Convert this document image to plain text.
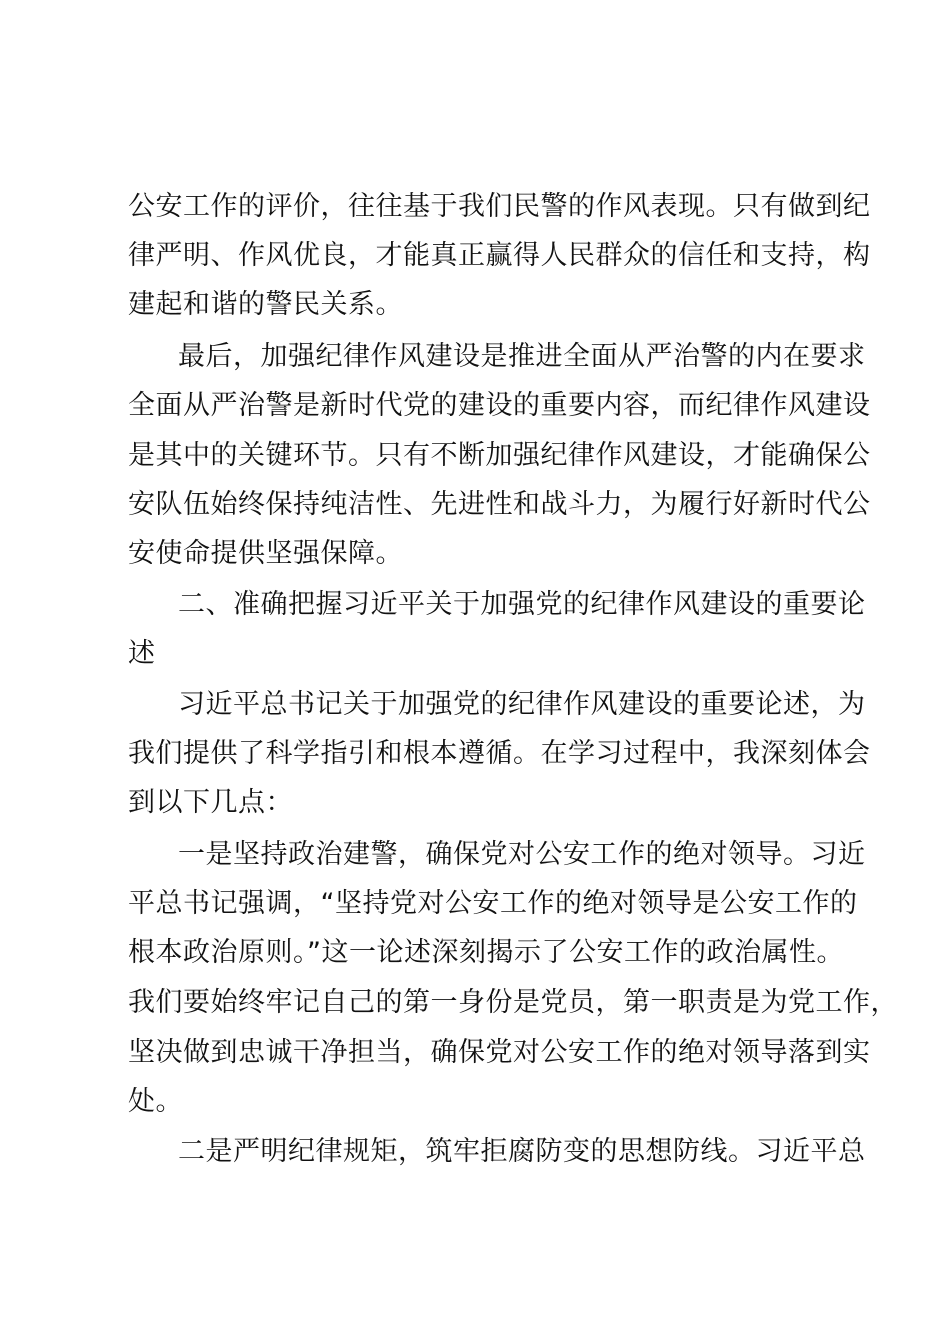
公安工作的评价，往往基于我们民警的作风表现。只有做到纪
律严明、作风优良，才能真正赢得人民群众的信任和支持，构
建起和谐的警民关系。
最后，加强纪律作风建设是推进全面从严治警的内在要求
全面从严治警是新时代党的建设的重要内容，而纪律作风建设
是其中的关键环节。只有不断加强纪律作风建设，才能确保公
安队伍始终保持纯洁性、先进性和战斗力，为履行好新时代公
安使命提供坚强保障。
二、准确把握习近平关于加强党的纪律作风建设的重要论
述
习近平总书记关于加强党的纪律作风建设的重要论述，为
我们提供了科学指引和根本遵循。在学习过程中，我深刻体会
到以下几点：
一是坚持政治建警，确保党对公安工作的绝对领导。习近
平总书记强调，“坚持党对公安工作的绝对领导是公安工作的
根本政治原则。”这一论述深刻揭示了公安工作的政治属性。
我们要始终牢记自己的第一身份是党员，第一职责是为党工作，
坚决做到忠诚干净担当，确保党对公安工作的绝对领导落到实
处。
二是严明纪律规矩，筑牢拒腐防变的思想防线。习近平总
